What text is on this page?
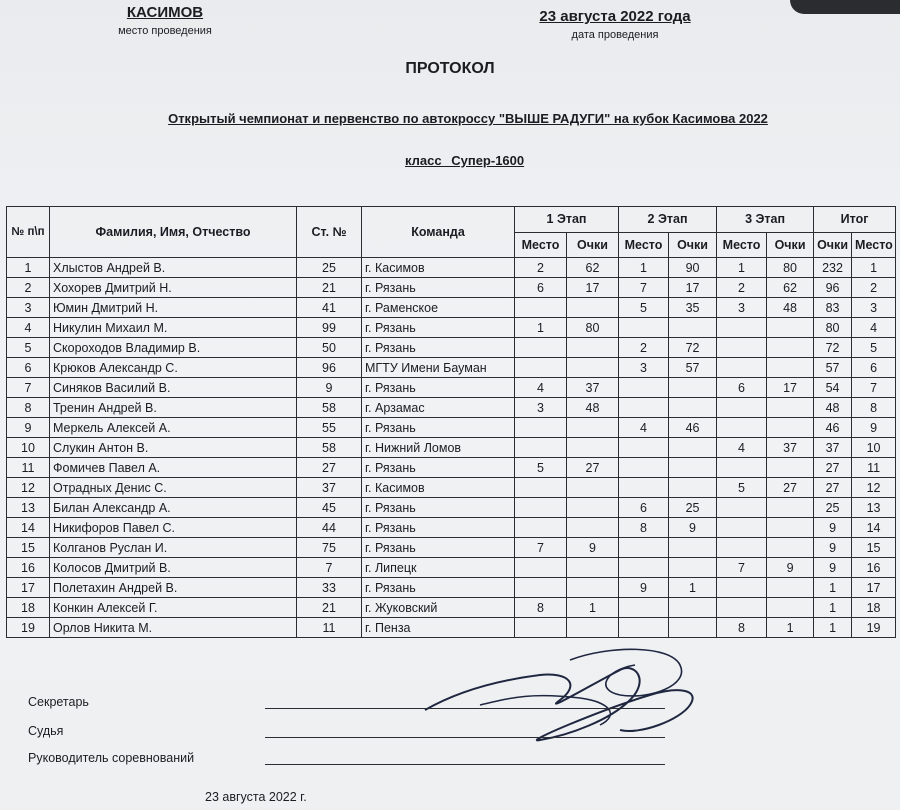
КАСИМОВ
место проведения
23 августа 2022 года
дата проведения
ПРОТОКОЛ
Открытый чемпионат и первенство по автокроссу "ВЫШЕ РАДУГИ" на кубок Касимова 2022
класс Супер-1600
№ п\п	Фамилия, Имя, Отчество	Ст. №	Команда	1 Этап		2 Этап		3 Этап		Итог	
				Место	Очки	Место	Очки	Место	Очки	Очки	Место
1	Хлыстов Андрей В.	25	г. Касимов	2	62	1	90	1	80	232	1
2	Хохорев Дмитрий Н.	21	г. Рязань	6	17	7	17	2	62	96	2
3	Юмин Дмитрий Н.	41	г. Раменское			5	35	3	48	83	3
4	Никулин Михаил М.	99	г. Рязань	1	80					80	4
5	Скороходов Владимир В.	50	г. Рязань			2	72			72	5
6	Крюков Александр С.	96	МГТУ Имени Бауман			3	57			57	6
7	Синяков Василий В.	9	г. Рязань	4	37			6	17	54	7
8	Тренин Андрей В.	58	г. Арзамас	3	48					48	8
9	Меркель Алексей А.	55	г. Рязань			4	46			46	9
10	Слукин Антон В.	58	г. Нижний Ломов					4	37	37	10
11	Фомичев Павел А.	27	г. Рязань	5	27					27	11
12	Отрадных Денис С.	37	г. Касимов					5	27	27	12
13	Билан Александр А.	45	г. Рязань			6	25			25	13
14	Никифоров Павел С.	44	г. Рязань			8	9			9	14
15	Колганов Руслан И.	75	г. Рязань	7	9					9	15
16	Колосов Дмитрий В.	7	г. Липецк					7	9	9	16
17	Полетахин Андрей В.	33	г. Рязань			9	1			1	17
18	Конкин Алексей Г.	21	г. Жуковский	8	1					1	18
19	Орлов Никита М.	11	г. Пенза					8	1	1	19
Секретарь
Судья
Руководитель соревнований
23 августа 2022 г.
